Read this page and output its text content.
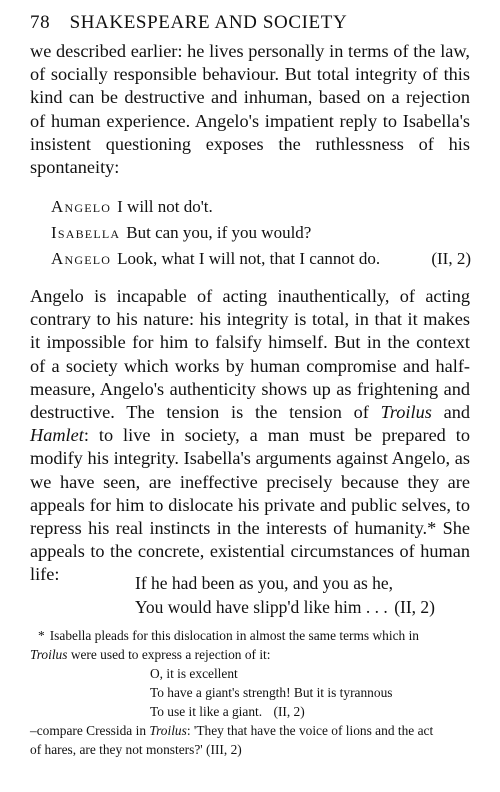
78 SHAKESPEARE AND SOCIETY

we described earlier: he lives personally in terms of the law, of socially responsible behaviour. But total integrity of this kind can be destructive and inhuman, based on a rejection of human experience. Angelo's impatient reply to Isabella's insistent questioning exposes the ruthlessness of his spontaneity:

Angelo I will not do't.
Isabella But can you, if you would?
Angelo Look, what I will not, that I cannot do.	(II, 2)

Angelo is incapable of acting inauthentically, of acting contrary to his nature: his integrity is total, in that it makes it impossible for him to falsify himself. But in the context of a society which works by human compromise and half-measure, Angelo's authenticity shows up as frightening and destructive. The tension is the tension of Troilus and Hamlet: to live in society, a man must be prepared to modify his integrity. Isabella's arguments against Angelo, as we have seen, are ineffective precisely because they are appeals for him to dislocate his private and public selves, to repress his real instincts in the interests of humanity.* She appeals to the concrete, existential circumstances of human life:	If he had been as you, and you as he,
You would have slipp'd like him . . . (II, 2)
* Isabella pleads for this dislocation in almost the same terms which in
Troilus were used to express a rejection of it:
O, it is excellent
To have a giant's strength! But it is tyrannous
To use it like a giant. (II, 2)
–compare Cressida in Troilus: 'They that have the voice of lions and the act
of hares, are they not monsters?' (III, 2)
